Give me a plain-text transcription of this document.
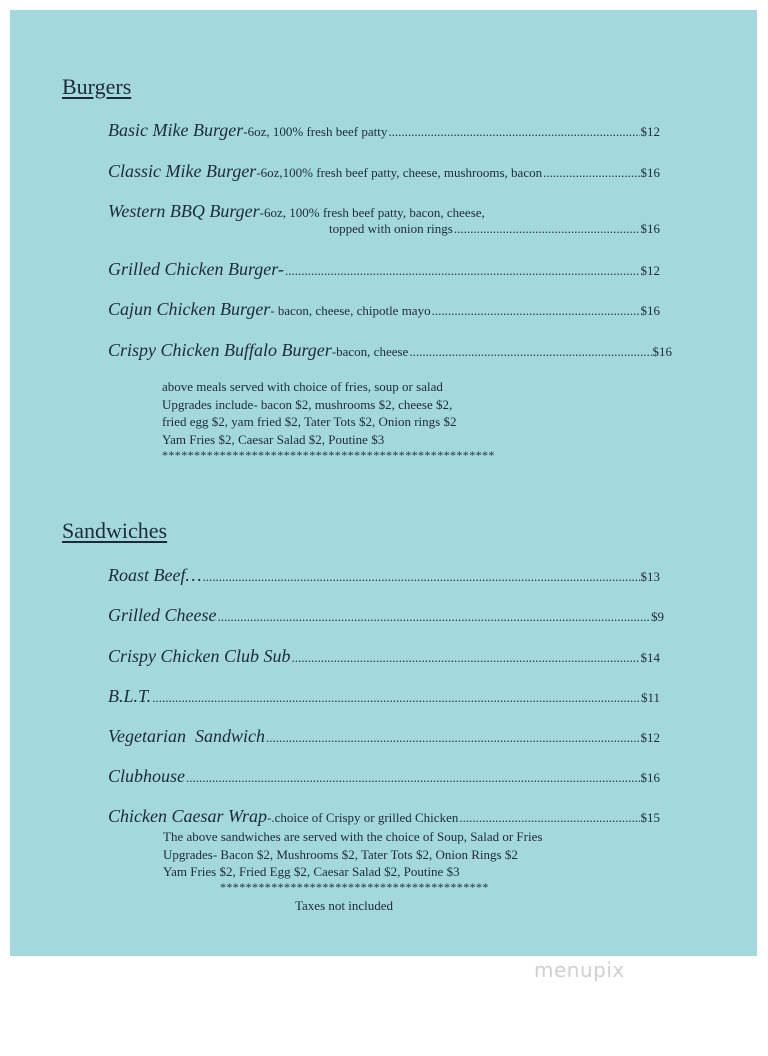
Burgers
Basic Mike Burger -6oz, 100% fresh beef patty .....	$12
Classic Mike Burger -6oz,100% fresh beef patty, cheese, mushrooms, bacon .....	$16
Western BBQ Burger -6oz, 100% fresh beef patty, bacon, cheese,
topped with onion rings .....	$16
Grilled Chicken Burger- .....	$12
Cajun Chicken Burger - bacon, cheese, chipotle mayo .....	$16
Crispy Chicken Buffalo Burger -bacon, cheese .....	$16
above meals served with choice of fries, soup or salad
Upgrades include- bacon $2, mushrooms $2, cheese $2,
fried egg $2, yam fried $2, Tater Tots $2, Onion rings $2
Yam Fries $2, Caesar Salad $2, Poutine $3
****************************************************
Sandwiches
Roast Beef… .....	$13
Grilled Cheese .....	$9
Crispy Chicken Club Sub .....	$14
B.L.T. .....	$11
Vegetarian  Sandwich .....	$12
Clubhouse .....	$16
Chicken Caesar Wrap -.choice of Crispy or grilled Chicken .....	$15
The above sandwiches are served with the choice of Soup, Salad or Fries
Upgrades- Bacon $2, Mushrooms $2, Tater Tots $2, Onion Rings $2
Yam Fries $2, Fried Egg $2, Caesar Salad $2, Poutine $3
******************************************
Taxes not included
menupix
